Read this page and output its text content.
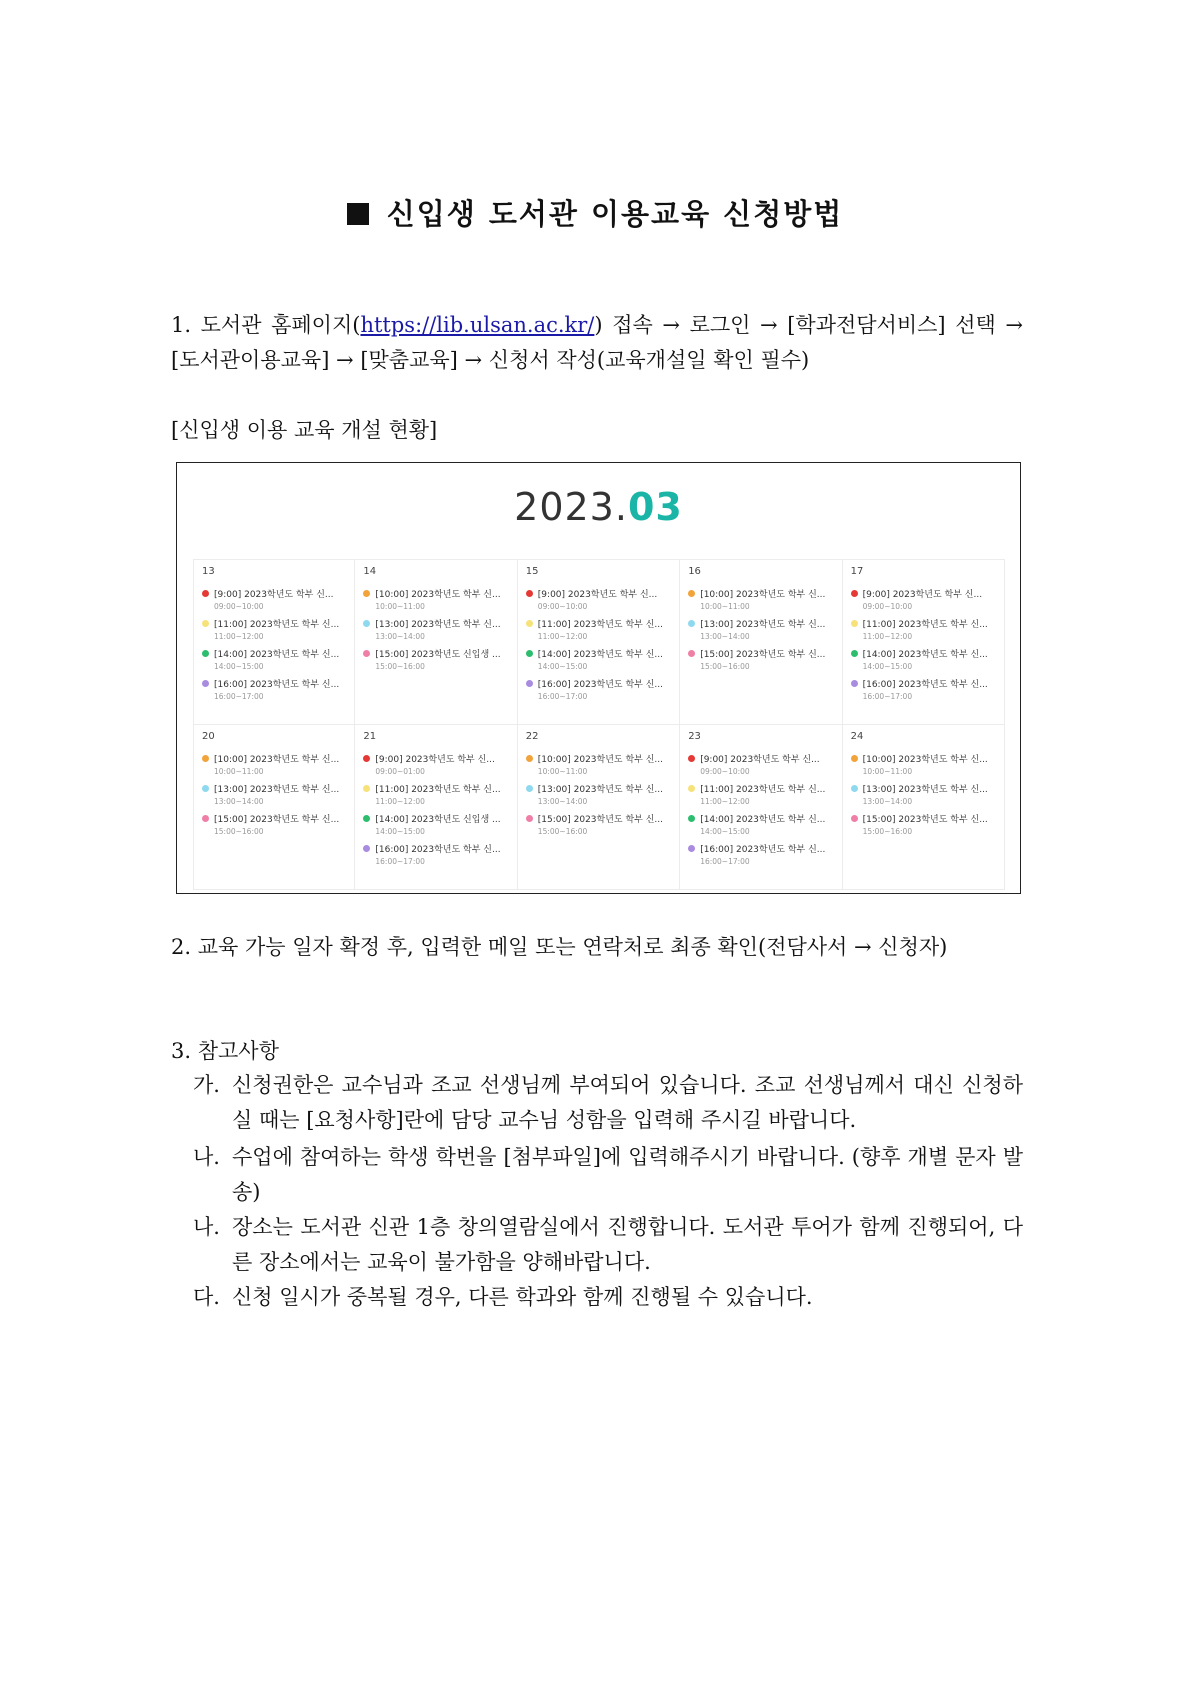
신입생 도서관 이용교육 신청방법
1. 도서관 홈페이지(https://lib.ulsan.ac.kr/) 접속 → 로그인 → [학과전담서비스] 선택 → [도서관이용교육] → [맞춤교육] → 신청서 작성(교육개설일 확인 필수)
[신입생 이용 교육 개설 현황]
2023.03
13
[9:00] 2023학년도 학부 신...
09:00~10:00
[11:00] 2023학년도 학부 신...
11:00~12:00
[14:00] 2023학년도 학부 신...
14:00~15:00
[16:00] 2023학년도 학부 신...
16:00~17:00
14
[10:00] 2023학년도 학부 신...
10:00~11:00
[13:00] 2023학년도 학부 신...
13:00~14:00
[15:00] 2023학년도 신입생 ...
15:00~16:00
15
[9:00] 2023학년도 학부 신...
09:00~10:00
[11:00] 2023학년도 학부 신...
11:00~12:00
[14:00] 2023학년도 학부 신...
14:00~15:00
[16:00] 2023학년도 학부 신...
16:00~17:00
16
[10:00] 2023학년도 학부 신...
10:00~11:00
[13:00] 2023학년도 학부 신...
13:00~14:00
[15:00] 2023학년도 학부 신...
15:00~16:00
17
[9:00] 2023학년도 학부 신...
09:00~10:00
[11:00] 2023학년도 학부 신...
11:00~12:00
[14:00] 2023학년도 학부 신...
14:00~15:00
[16:00] 2023학년도 학부 신...
16:00~17:00
20
[10:00] 2023학년도 학부 신...
10:00~11:00
[13:00] 2023학년도 학부 신...
13:00~14:00
[15:00] 2023학년도 학부 신...
15:00~16:00
21
[9:00] 2023학년도 학부 신...
09:00~01:00
[11:00] 2023학년도 학부 신...
11:00~12:00
[14:00] 2023학년도 신입생 ...
14:00~15:00
[16:00] 2023학년도 학부 신...
16:00~17:00
22
[10:00] 2023학년도 학부 신...
10:00~11:00
[13:00] 2023학년도 학부 신...
13:00~14:00
[15:00] 2023학년도 학부 신...
15:00~16:00
23
[9:00] 2023학년도 학부 신...
09:00~10:00
[11:00] 2023학년도 학부 신...
11:00~12:00
[14:00] 2023학년도 학부 신...
14:00~15:00
[16:00] 2023학년도 학부 신...
16:00~17:00
24
[10:00] 2023학년도 학부 신...
10:00~11:00
[13:00] 2023학년도 학부 신...
13:00~14:00
[15:00] 2023학년도 학부 신...
15:00~16:00
2. 교육 가능 일자 확정 후, 입력한 메일 또는 연락처로 최종 확인(전담사서 → 신청자)
3. 참고사항
가. 신청권한은 교수님과 조교 선생님께 부여되어 있습니다. 조교 선생님께서 대신 신청하실 때는 [요청사항]란에 담당 교수님 성함을 입력해 주시길 바랍니다.
나. 수업에 참여하는 학생 학번을 [첨부파일]에 입력해주시기 바랍니다. (향후 개별 문자 발송)
나. 장소는 도서관 신관 1층 창의열람실에서 진행합니다. 도서관 투어가 함께 진행되어, 다른 장소에서는 교육이 불가함을 양해바랍니다.
다. 신청 일시가 중복될 경우, 다른 학과와 함께 진행될 수 있습니다.
